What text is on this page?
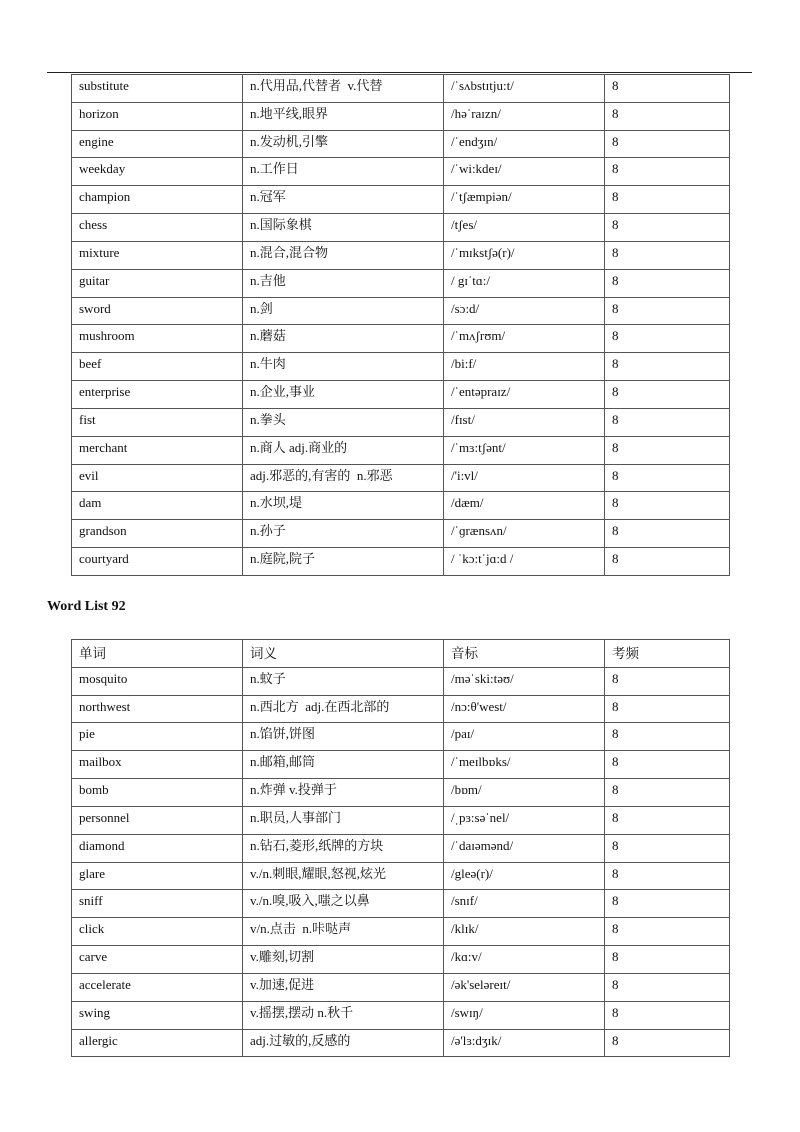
substitute	n.代用品,代替者  v.代替	/ˈsʌbstɪtju:t/	8
horizon	n.地平线,眼界	/həˈraɪzn/	8
engine	n.发动机,引擎	/ˈendʒɪn/	8
weekday	n.工作日	/ˈwi:kdeɪ/	8
champion	n.冠军	/ˈtʃæmpiən/	8
chess	n.国际象棋	/tʃes/	8
mixture	n.混合,混合物	/ˈmɪkstʃə(r)/	8
guitar	n.吉他	/ gɪˈtɑ:/	8
sword	n.剑	/sɔ:d/	8
mushroom	n.蘑菇	/ˈmʌʃrʊm/	8
beef	n.牛肉	/bi:f/	8
enterprise	n.企业,事业	/ˈentəpraɪz/	8
fist	n.拳头	/fɪst/	8
merchant	n.商人 adj.商业的	/ˈmɜ:tʃənt/	8
evil	adj.邪恶的,有害的  n.邪恶	/'i:vl/	8
dam	n.水坝,堤	/dæm/	8
grandson	n.孙子	/ˈɡrænsʌn/	8
courtyard	n.庭院,院子	/ ˈkɔ:tˈjɑ:d /	8
Word List 92
单词	词义	音标	考频
mosquito	n.蚊子	/məˈski:təʊ/	8
northwest	n.西北方  adj.在西北部的	/nɔ:θ'west/	8
pie	n.馅饼,饼图	/paɪ/	8
mailbox	n.邮箱,邮筒	/ˈmeɪlbɒks/	8
bomb	n.炸弹 v.投弹于	/bɒm/	8
personnel	n.职员,人事部门	/ˌpɜ:səˈnel/	8
diamond	n.钻石,菱形,纸牌的方块	/ˈdaɪəmənd/	8
glare	v./n.刺眼,耀眼,怒视,炫光	/gleə(r)/	8
sniff	v./n.嗅,吸入,嗤之以鼻	/snɪf/	8
click	v/n.点击  n.咔哒声	/klɪk/	8
carve	v.雕刻,切割	/kɑ:v/	8
accelerate	v.加速,促进	/ək'seləreɪt/	8
swing	v.摇摆,摆动 n.秋千	/swɪŋ/	8
allergic	adj.过敏的,反感的	/ə'lɜ:dʒɪk/	8
